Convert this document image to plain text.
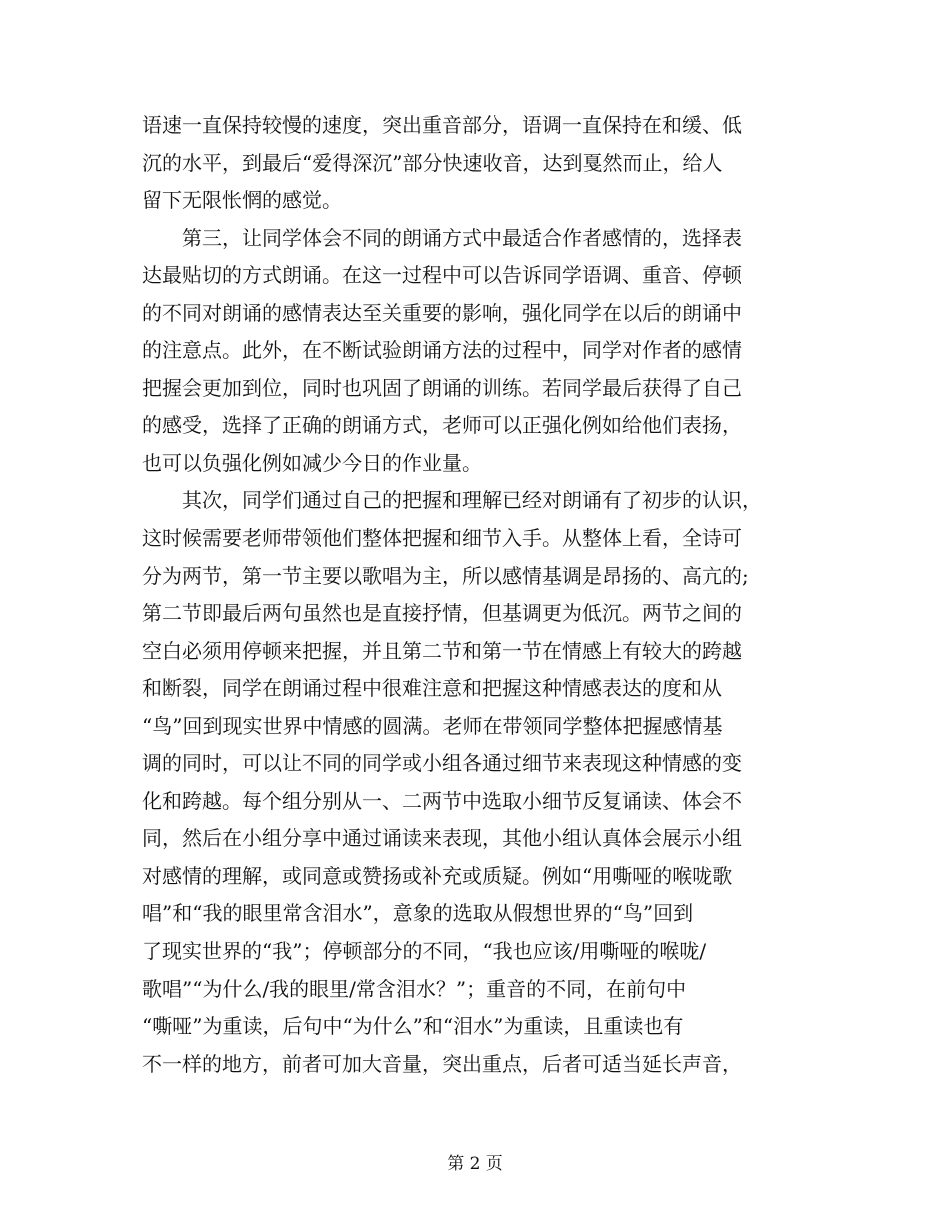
语速一直保持较慢的速度，突出重音部分，语调一直保持在和缓、低
沉的水平，到最后“爱得深沉”部分快速收音，达到戛然而止，给人
留下无限怅惘的感觉。
　　第三，让同学体会不同的朗诵方式中最适合作者感情的，选择表
达最贴切的方式朗诵。在这一过程中可以告诉同学语调、重音、停顿
的不同对朗诵的感情表达至关重要的影响，强化同学在以后的朗诵中
的注意点。此外，在不断试验朗诵方法的过程中，同学对作者的感情
把握会更加到位，同时也巩固了朗诵的训练。若同学最后获得了自己
的感受，选择了正确的朗诵方式，老师可以正强化例如给他们表扬，
也可以负强化例如减少今日的作业量。
　　其次，同学们通过自己的把握和理解已经对朗诵有了初步的认识，
这时候需要老师带领他们整体把握和细节入手。从整体上看，全诗可
分为两节，第一节主要以歌唱为主，所以感情基调是昂扬的、高亢的;
第二节即最后两句虽然也是直接抒情，但基调更为低沉。两节之间的
空白必须用停顿来把握，并且第二节和第一节在情感上有较大的跨越
和断裂，同学在朗诵过程中很难注意和把握这种情感表达的度和从
“鸟”回到现实世界中情感的圆满。老师在带领同学整体把握感情基
调的同时，可以让不同的同学或小组各通过细节来表现这种情感的变
化和跨越。每个组分别从一、二两节中选取小细节反复诵读、体会不
同，然后在小组分享中通过诵读来表现，其他小组认真体会展示小组
对感情的理解，或同意或赞扬或补充或质疑。例如“用嘶哑的喉咙歌
唱”和“我的眼里常含泪水”，意象的选取从假想世界的“鸟”回到
了现实世界的“我”；停顿部分的不同，“我也应该/用嘶哑的喉咙/
歌唱”“为什么/我的眼里/常含泪水？”；重音的不同，在前句中
“嘶哑”为重读，后句中“为什么”和“泪水”为重读，且重读也有
不一样的地方，前者可加大音量，突出重点，后者可适当延长声音，
第 2 页
